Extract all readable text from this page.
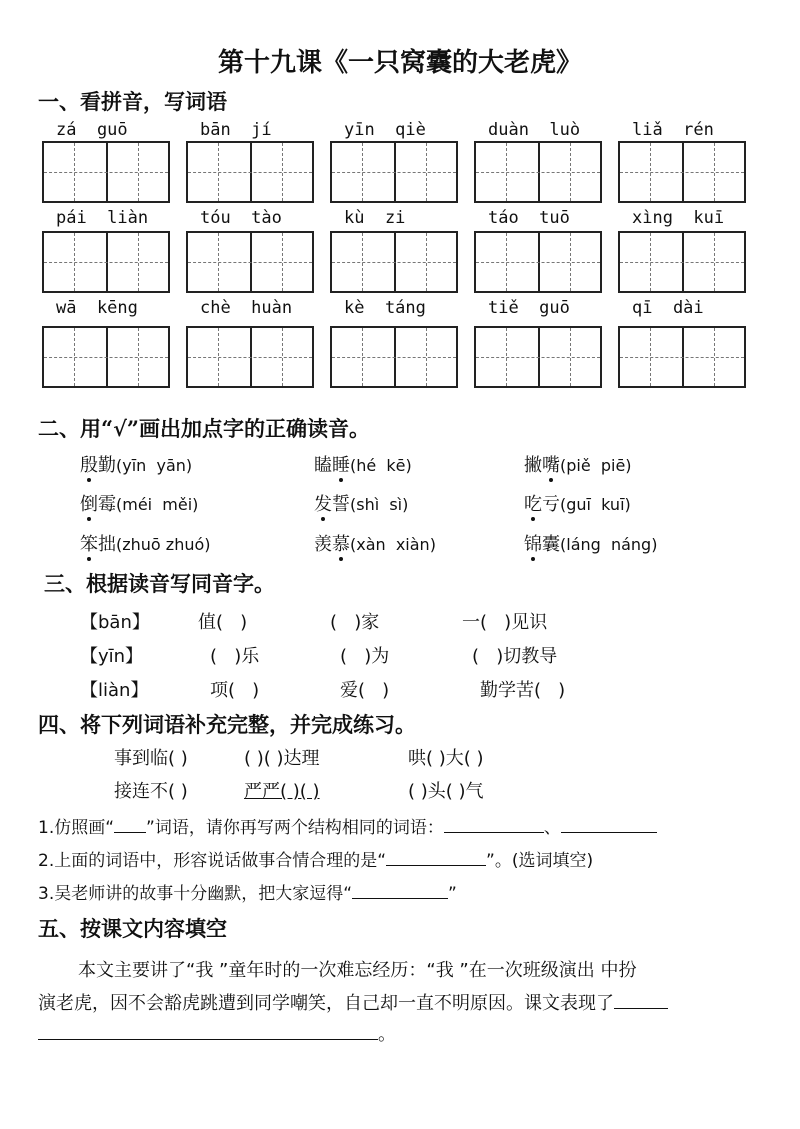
第十九课《一只窝囊的大老虎》
一、看拼音，写词语
zá  guō	bān  jí	yīn  qiè	duàn  luò	liǎ  rén
pái  liàn	tóu  tào	kù  zi	táo  tuō	xìng  kuī
wā  kēng	chè  huàn	kè  táng	tiě  guō	qī  dài
二、用“√”画出加点字的正确读音。
殷勤(yīn  yān)	瞌睡(hé  kē)	撇嘴(piě  piē)
倒霉(méi  měi)	发誓(shì  sì)	吃亏(guī  kuī)
笨拙(zhuō zhuó)	羡慕(xàn  xiàn)	锦囊(láng  náng)
三、根据读音写同音字。
【bān】	值(   )	(   )家	一(   )见识
【yīn】	(   )乐	(   )为	(   )切教导
【liàn】	项(   )	爱(   )	勤学苦(   )
四、将下列词语补充完整，并完成练习。
事到临( )	( )( )达理	哄( )大( )
接连不( )	严严( )( )	( )头( )气
1.仿照画“ ”词语，请你再写两个结构相同的词语：	、
2.上面的词语中，形容说话做事合情合理的是“	”。(选词填空)
3.吴老师讲的故事十分幽默，把大家逗得“	”
五、按课文内容填空
本文主要讲了“我 ”童年时的一次难忘经历：“我 ”在一次班级演出 中扮
演老虎，因不会豁虎跳遭到同学嘲笑，自己却一直不明原因。课文表现了
。
